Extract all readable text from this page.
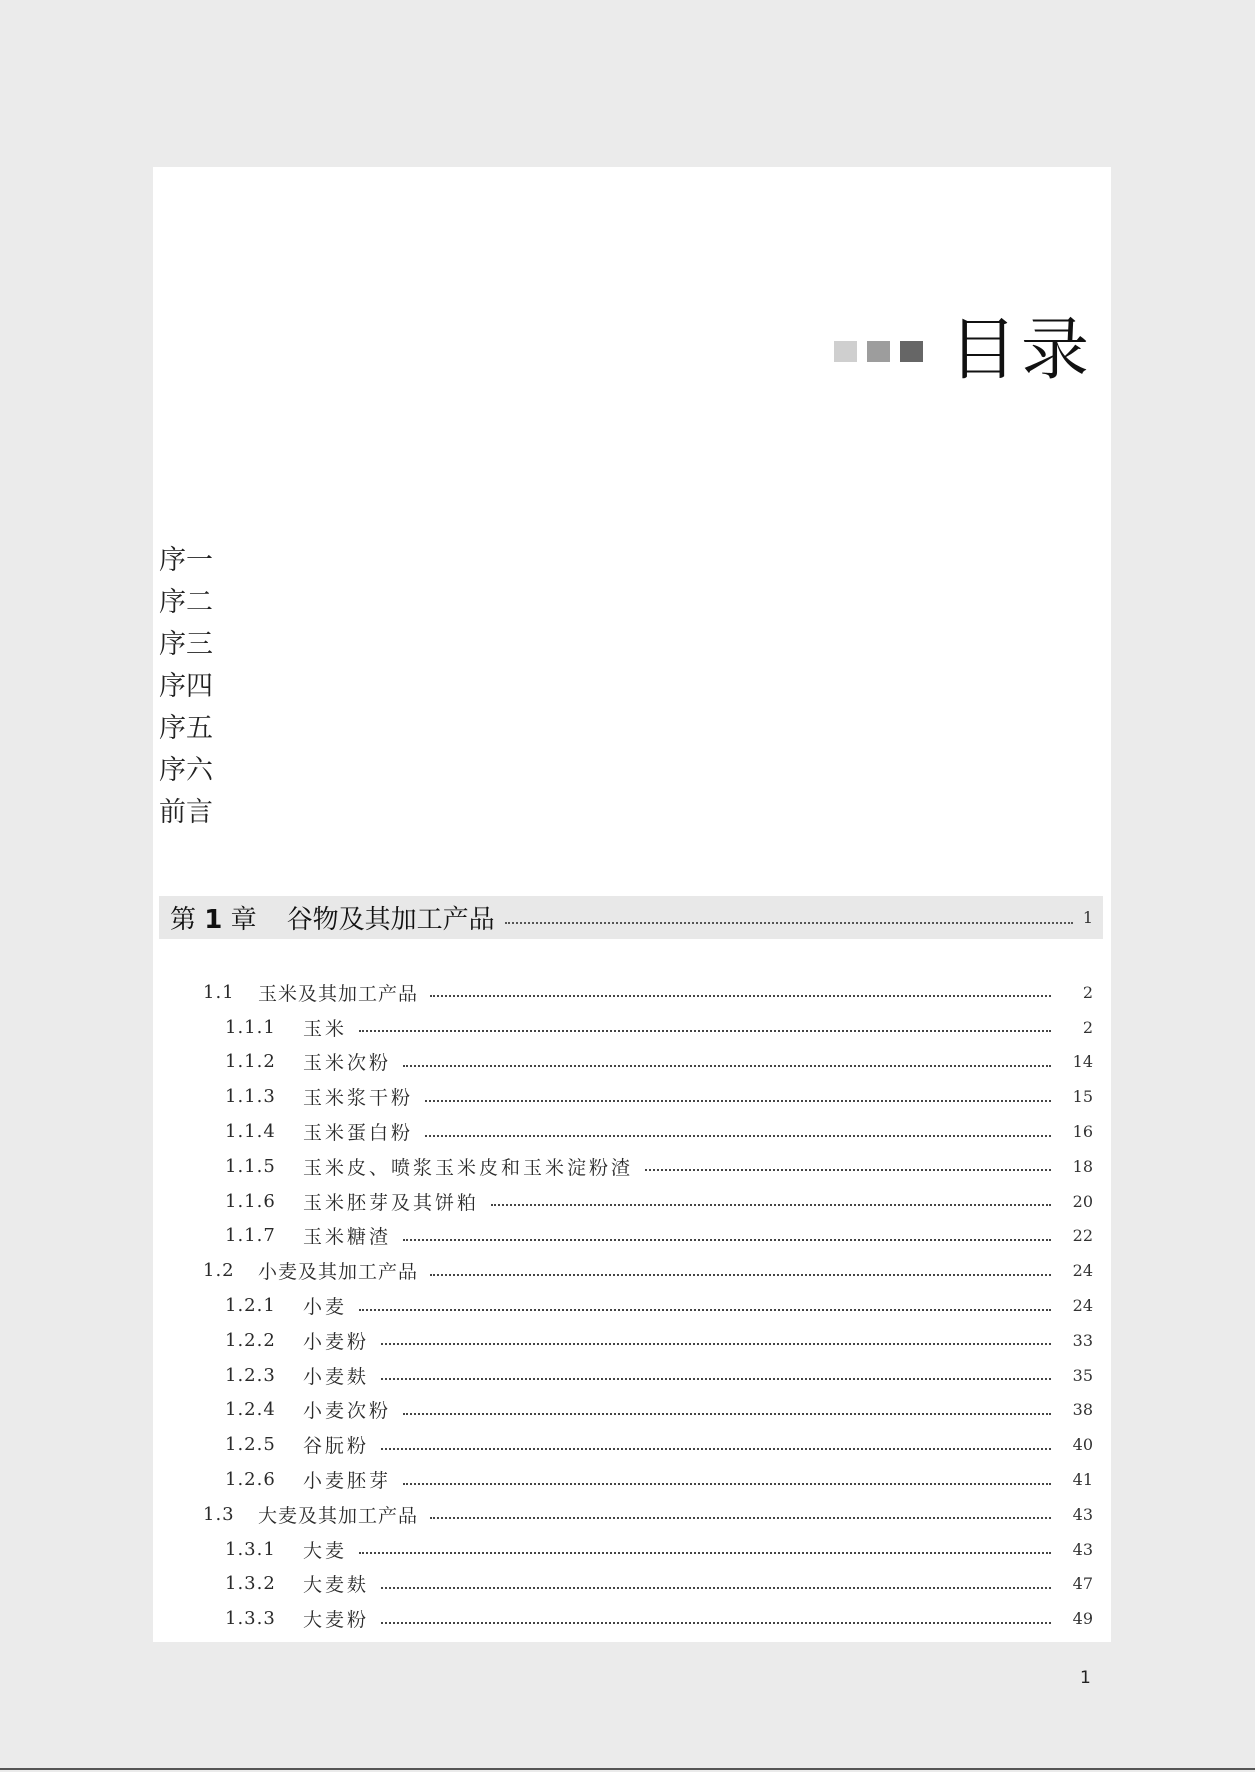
目录
序一
序二
序三
序四
序五
序六
前言
第 1 章 谷物及其加工产品	1
1.1	玉米及其加工产品	2
1.1.1	玉米	2
1.1.2	玉米次粉	14
1.1.3	玉米浆干粉	15
1.1.4	玉米蛋白粉	16
1.1.5	玉米皮、喷浆玉米皮和玉米淀粉渣	18
1.1.6	玉米胚芽及其饼粕	20
1.1.7	玉米糖渣	22
1.2	小麦及其加工产品	24
1.2.1	小麦	24
1.2.2	小麦粉	33
1.2.3	小麦麸	35
1.2.4	小麦次粉	38
1.2.5	谷朊粉	40
1.2.6	小麦胚芽	41
1.3	大麦及其加工产品	43
1.3.1	大麦	43
1.3.2	大麦麸	47
1.3.3	大麦粉	49
1
